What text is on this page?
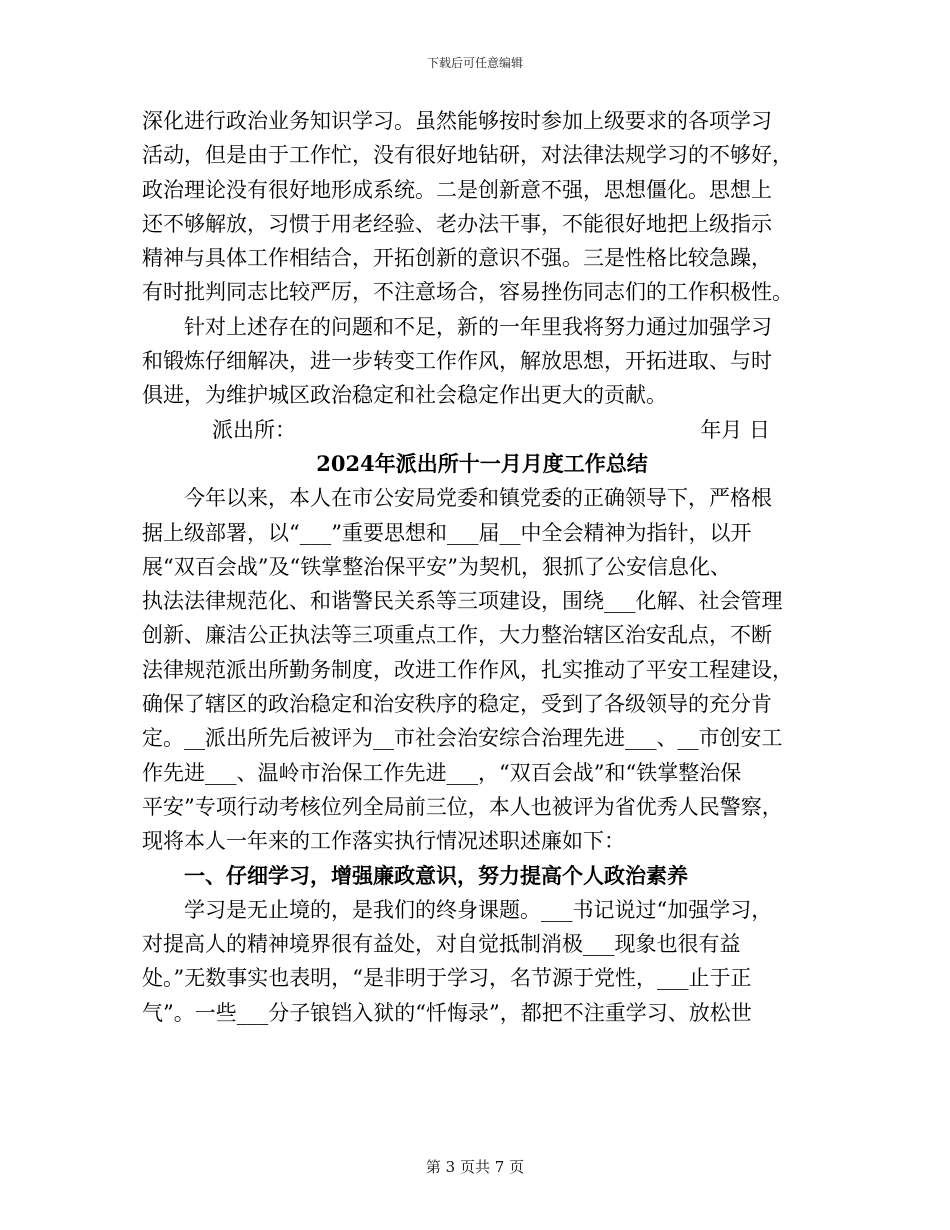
下载后可任意编辑
深化进行政治业务知识学习。虽然能够按时参加上级要求的各项学习
活动，但是由于工作忙，没有很好地钻研，对法律法规学习的不够好，
政治理论没有很好地形成系统。二是创新意不强，思想僵化。思想上
还不够解放，习惯于用老经验、老办法干事，不能很好地把上级指示
精神与具体工作相结合，开拓创新的意识不强。三是性格比较急躁，
有时批判同志比较严厉，不注意场合，容易挫伤同志们的工作积极性。
针对上述存在的问题和不足，新的一年里我将努力通过加强学习
和锻炼仔细解决，进一步转变工作作风，解放思想，开拓进取、与时
俱进，为维护城区政治稳定和社会稳定作出更大的贡献。
派出所：	年月 日
2024年派出所十一月月度工作总结
今年以来，本人在市公安局党委和镇党委的正确领导下，严格根
据上级部署，以“___”重要思想和___届__中全会精神为指针，以开
展“双百会战”及“铁掌整治保平安”为契机，狠抓了公安信息化、
执法法律规范化、和谐警民关系等三项建设，围绕___化解、社会管理
创新、廉洁公正执法等三项重点工作，大力整治辖区治安乱点，不断
法律规范派出所勤务制度，改进工作作风，扎实推动了平安工程建设，
确保了辖区的政治稳定和治安秩序的稳定，受到了各级领导的充分肯
定。__派出所先后被评为__市社会治安综合治理先进___、__市创安工
作先进___、温岭市治保工作先进___，“双百会战”和“铁掌整治保
平安”专项行动考核位列全局前三位，本人也被评为省优秀人民警察，
现将本人一年来的工作落实执行情况述职述廉如下：
一、仔细学习，增强廉政意识，努力提高个人政治素养
学习是无止境的，是我们的终身课题。___书记说过“加强学习，
对提高人的精神境界很有益处，对自觉抵制消极___现象也很有益
处。”无数事实也表明，“是非明于学习，名节源于党性，___止于正
气”。一些___分子锒铛入狱的“忏悔录”，都把不注重学习、放松世
第 3 页共 7 页
